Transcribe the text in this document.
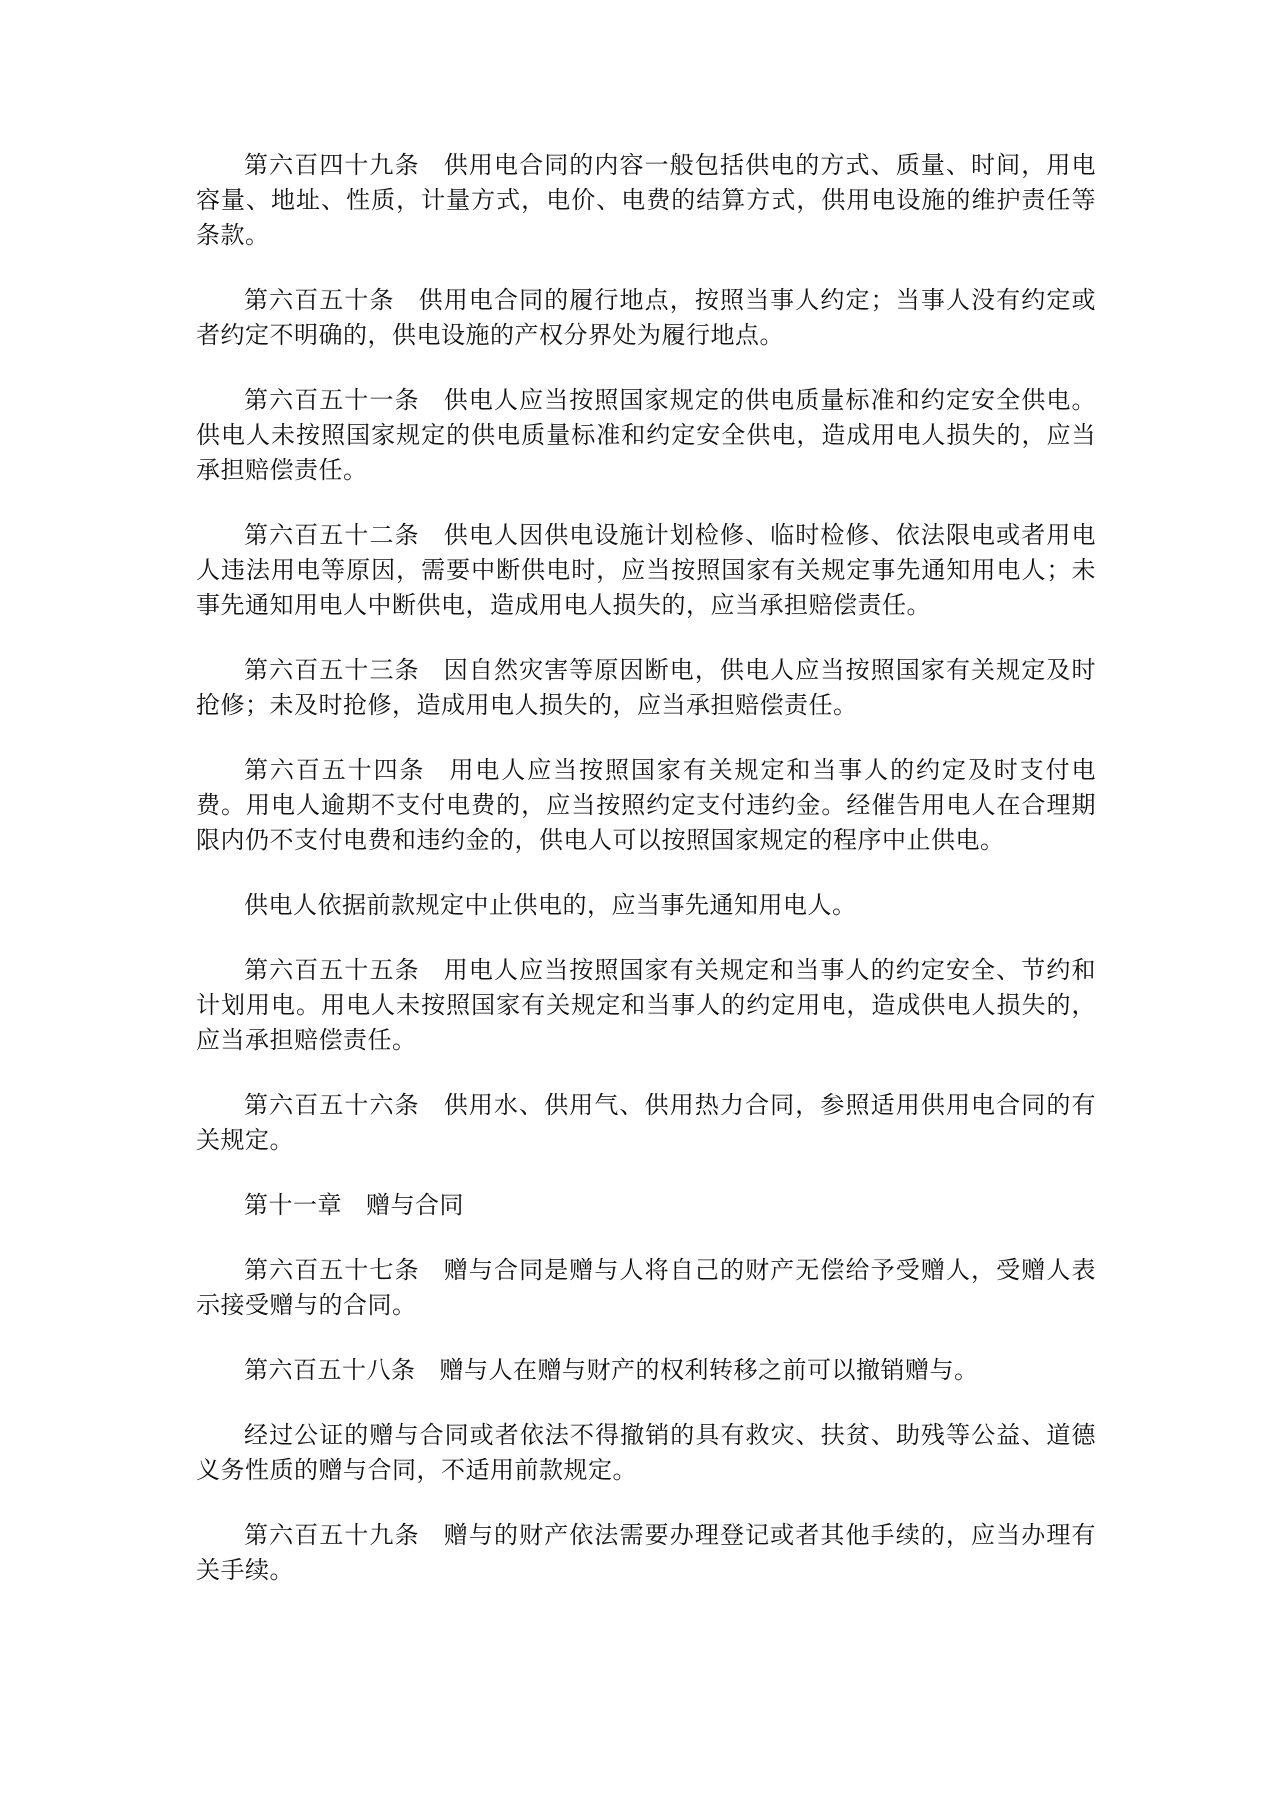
第六百四十九条 供用电合同的内容一般包括供电的方式、质量、时间，用电容量、地址、性质，计量方式，电价、电费的结算方式，供用电设施的维护责任等条款。

第六百五十条 供用电合同的履行地点，按照当事人约定；当事人没有约定或者约定不明确的，供电设施的产权分界处为履行地点。

第六百五十一条 供电人应当按照国家规定的供电质量标准和约定安全供电。供电人未按照国家规定的供电质量标准和约定安全供电，造成用电人损失的，应当承担赔偿责任。

第六百五十二条 供电人因供电设施计划检修、临时检修、依法限电或者用电人违法用电等原因，需要中断供电时，应当按照国家有关规定事先通知用电人；未事先通知用电人中断供电，造成用电人损失的，应当承担赔偿责任。

第六百五十三条 因自然灾害等原因断电，供电人应当按照国家有关规定及时抢修；未及时抢修，造成用电人损失的，应当承担赔偿责任。

第六百五十四条 用电人应当按照国家有关规定和当事人的约定及时支付电费。用电人逾期不支付电费的，应当按照约定支付违约金。经催告用电人在合理期限内仍不支付电费和违约金的，供电人可以按照国家规定的程序中止供电。

供电人依据前款规定中止供电的，应当事先通知用电人。

第六百五十五条 用电人应当按照国家有关规定和当事人的约定安全、节约和计划用电。用电人未按照国家有关规定和当事人的约定用电，造成供电人损失的，应当承担赔偿责任。

第六百五十六条 供用水、供用气、供用热力合同，参照适用供用电合同的有关规定。

第十一章 赠与合同

第六百五十七条 赠与合同是赠与人将自己的财产无偿给予受赠人，受赠人表示接受赠与的合同。

第六百五十八条 赠与人在赠与财产的权利转移之前可以撤销赠与。

经过公证的赠与合同或者依法不得撤销的具有救灾、扶贫、助残等公益、道德义务性质的赠与合同，不适用前款规定。

第六百五十九条 赠与的财产依法需要办理登记或者其他手续的，应当办理有关手续。
